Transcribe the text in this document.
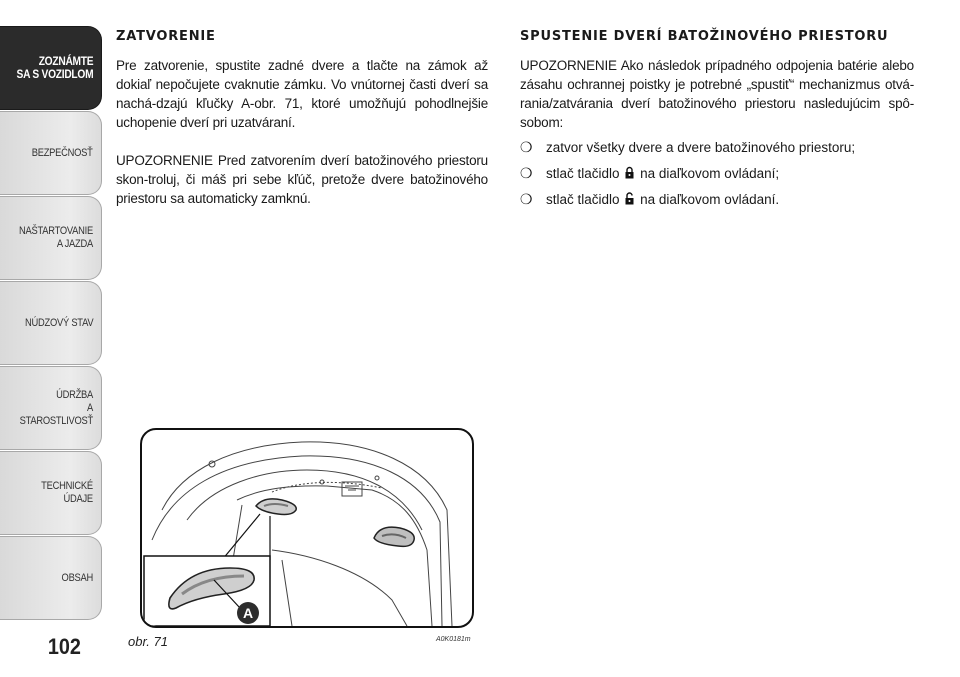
ZOZNÁMTE
SA S VOZIDLOM
BEZPEČNOSŤ
NAŠTARTOVANIE
A JAZDA
NÚDZOVÝ STAV
ÚDRŽBA
A STAROSTLIVOSŤ
TECHNICKÉ
ÚDAJE
OBSAH
102
ZATVORENIE

Pre zatvorenie, spustite zadné dvere a tlačte na zámok až dokiaľ nepočujete cvaknutie zámku. Vo vnútornej časti dverí sa nachá-dzajú kľučky A-obr. 71, ktoré umožňujú pohodlnejšie uchopenie dverí pri uzatváraní.

UPOZORNENIE Pred zatvorením dverí batožinového priestoru skon-troluj, či máš pri sebe kľúč, pretože dvere batožinového priestoru sa automaticky zamknú.

SPUSTENIE DVERÍ BATOŽINOVÉHO PRIESTORU

UPOZORNENIE Ako následok prípadného odpojenia batérie alebo zásahu ochrannej poistky je potrebné „spustiť“ mechanizmus otvá-rania/zatvárania dverí batožinového priestoru nasledujúcim spô-sobom:

❍ zatvor všetky dvere a dvere batožinového priestoru;
❍ stlač tlačidlo na diaľkovom ovládaní;
❍ stlač tlačidlo na diaľkovom ovládaní.
A
obr. 71	A0K0181m
